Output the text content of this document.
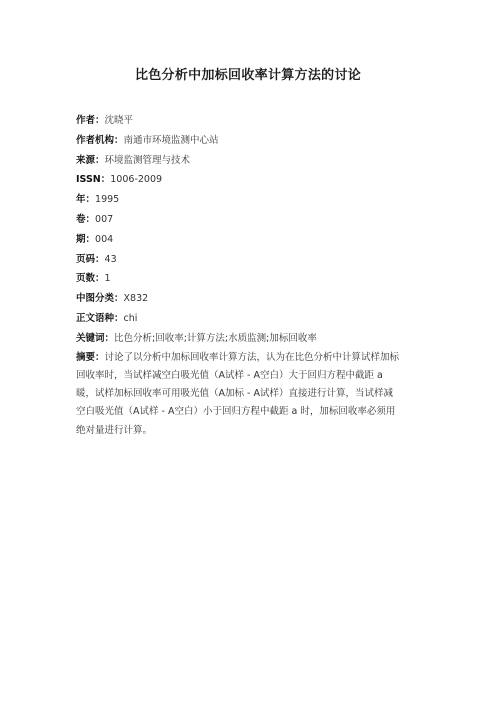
比色分析中加标回收率计算方法的讨论
作者：沈晓平
作者机构：南通市环境监测中心站
来源：环境监测管理与技术
ISSN：1006-2009
年：1995
卷：007
期：004
页码：43
页数：1
中图分类：X832
正文语种：chi
关键词：比色分析;回收率;计算方法;水质监测;加标回收率
摘要：讨论了以分析中加标回收率计算方法，认为在比色分析中计算试样加标
回收率时，当试样减空白吸光值（A试样 - A空白）大于回归方程中截距 a
暖，试样加标回收率可用吸光值（A加标 - A试样）直接进行计算，当试样减
空白吸光值（A试样 - A空白）小于回归方程中截距 a 时，加标回收率必须用
绝对量进行计算。
